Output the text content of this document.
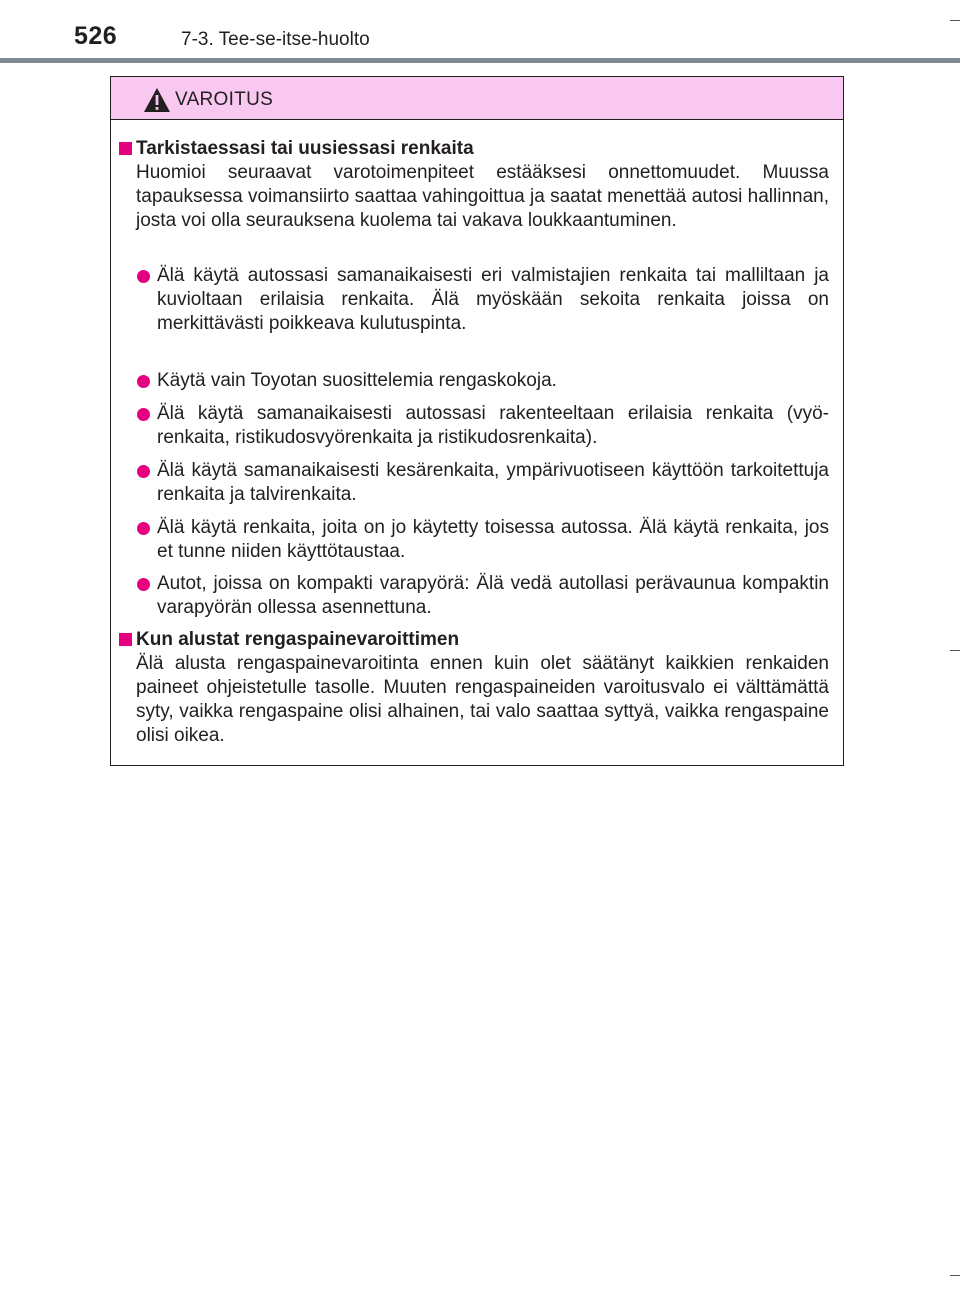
526	7-3. Tee-se-itse-huolto
VAROITUS
Tarkistaessasi tai uusiessasi renkaita

Huomioi seuraavat varotoimenpiteet estääksesi onnettomuudet. Muussa tapauksessa voimansiirto saattaa vahingoittua ja saatat menettää autosi hallinnan, josta voi olla seurauksena kuolema tai vakava loukkaantuminen.

Älä käytä autossasi samanaikaisesti eri valmistajien renkaita tai malliltaan ja kuvioltaan erilaisia renkaita. Älä myöskään sekoita renkaita joissa on merkittävästi poikkeava kulutuspinta.
Käytä vain Toyotan suosittelemia rengaskokoja.
Älä käytä samanaikaisesti autossasi rakenteeltaan erilaisia renkaita (vyörenkaita, ristikudosvyörenkaita ja ristikudosrenkaita).
Älä käytä samanaikaisesti kesärenkaita, ympärivuotiseen käyttöön tarkoitettuja renkaita ja talvirenkaita.
Älä käytä renkaita, joita on jo käytetty toisessa autossa. Älä käytä renkaita, jos et tunne niiden käyttötaustaa.
Autot, joissa on kompakti varapyörä: Älä vedä autollasi perävaunua kompaktin varapyörän ollessa asennettuna.
Kun alustat rengaspainevaroittimen

Älä alusta rengaspainevaroitinta ennen kuin olet säätänyt kaikkien renkaiden paineet ohjeistetulle tasolle. Muuten rengaspaineiden varoitusvalo ei välttämättä syty, vaikka rengaspaine olisi alhainen, tai valo saattaa syttyä, vaikka rengaspaine olisi oikea.
